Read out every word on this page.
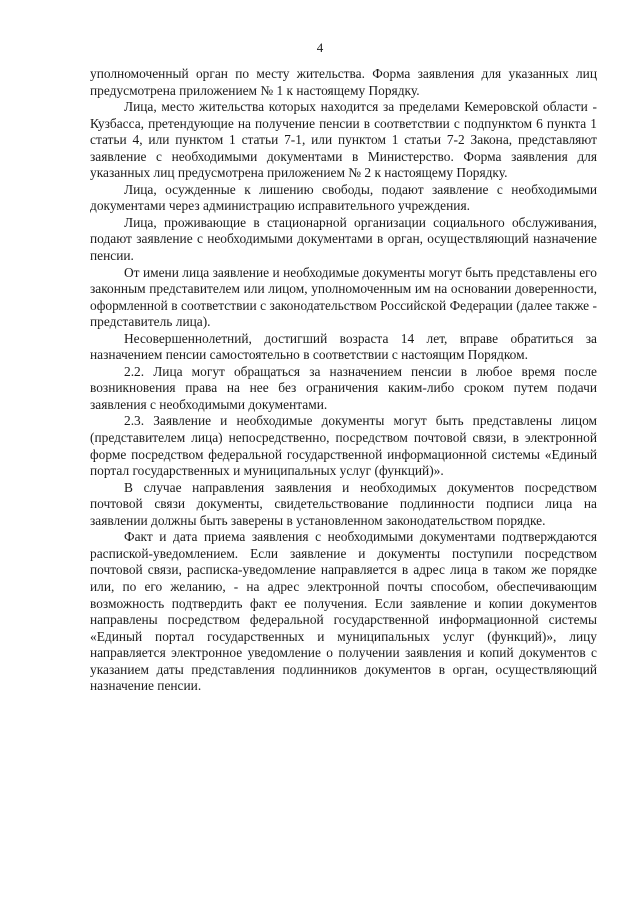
4

уполномоченный орган по месту жительства. Форма заявления для указанных лиц предусмотрена приложением № 1 к настоящему Порядку.

Лица, место жительства которых находится за пределами Кемеровской области - Кузбасса, претендующие на получение пенсии в соответствии с подпунктом 6 пункта 1 статьи 4, или пунктом 1 статьи 7-1, или пунктом 1 статьи 7-2 Закона, представляют заявление с необходимыми документами в Министерство. Форма заявления для указанных лиц предусмотрена приложением № 2 к настоящему Порядку.

Лица, осужденные к лишению свободы, подают заявление с необходимыми документами через администрацию исправительного учреждения.

Лица, проживающие в стационарной организации социального обслуживания, подают заявление с необходимыми документами в орган, осуществляющий назначение пенсии.

От имени лица заявление и необходимые документы могут быть представлены его законным представителем или лицом, уполномоченным им на основании доверенности, оформленной в соответствии с законодательством Российской Федерации (далее также - представитель лица).

Несовершеннолетний, достигший возраста 14 лет, вправе обратиться за назначением пенсии самостоятельно в соответствии с настоящим Порядком.

2.2. Лица могут обращаться за назначением пенсии в любое время после возникновения права на нее без ограничения каким-либо сроком путем подачи заявления с необходимыми документами.

2.3. Заявление и необходимые документы могут быть представлены лицом (представителем лица) непосредственно, посредством почтовой связи, в электронной форме посредством федеральной государственной информационной системы «Единый портал государственных и муниципальных услуг (функций)».

В случае направления заявления и необходимых документов посредством почтовой связи документы, свидетельствование подлинности подписи лица на заявлении должны быть заверены в установленном законодательством порядке.

Факт и дата приема заявления с необходимыми документами подтверждаются распиской-уведомлением. Если заявление и документы поступили посредством почтовой связи, расписка-уведомление направляется в адрес лица в таком же порядке или, по его желанию, - на адрес электронной почты способом, обеспечивающим возможность подтвердить факт ее получения. Если заявление и копии документов направлены посредством федеральной государственной информационной системы «Единый портал государственных и муниципальных услуг (функций)», лицу направляется электронное уведомление о получении заявления и копий документов с указанием даты представления подлинников документов в орган, осуществляющий назначение пенсии.
